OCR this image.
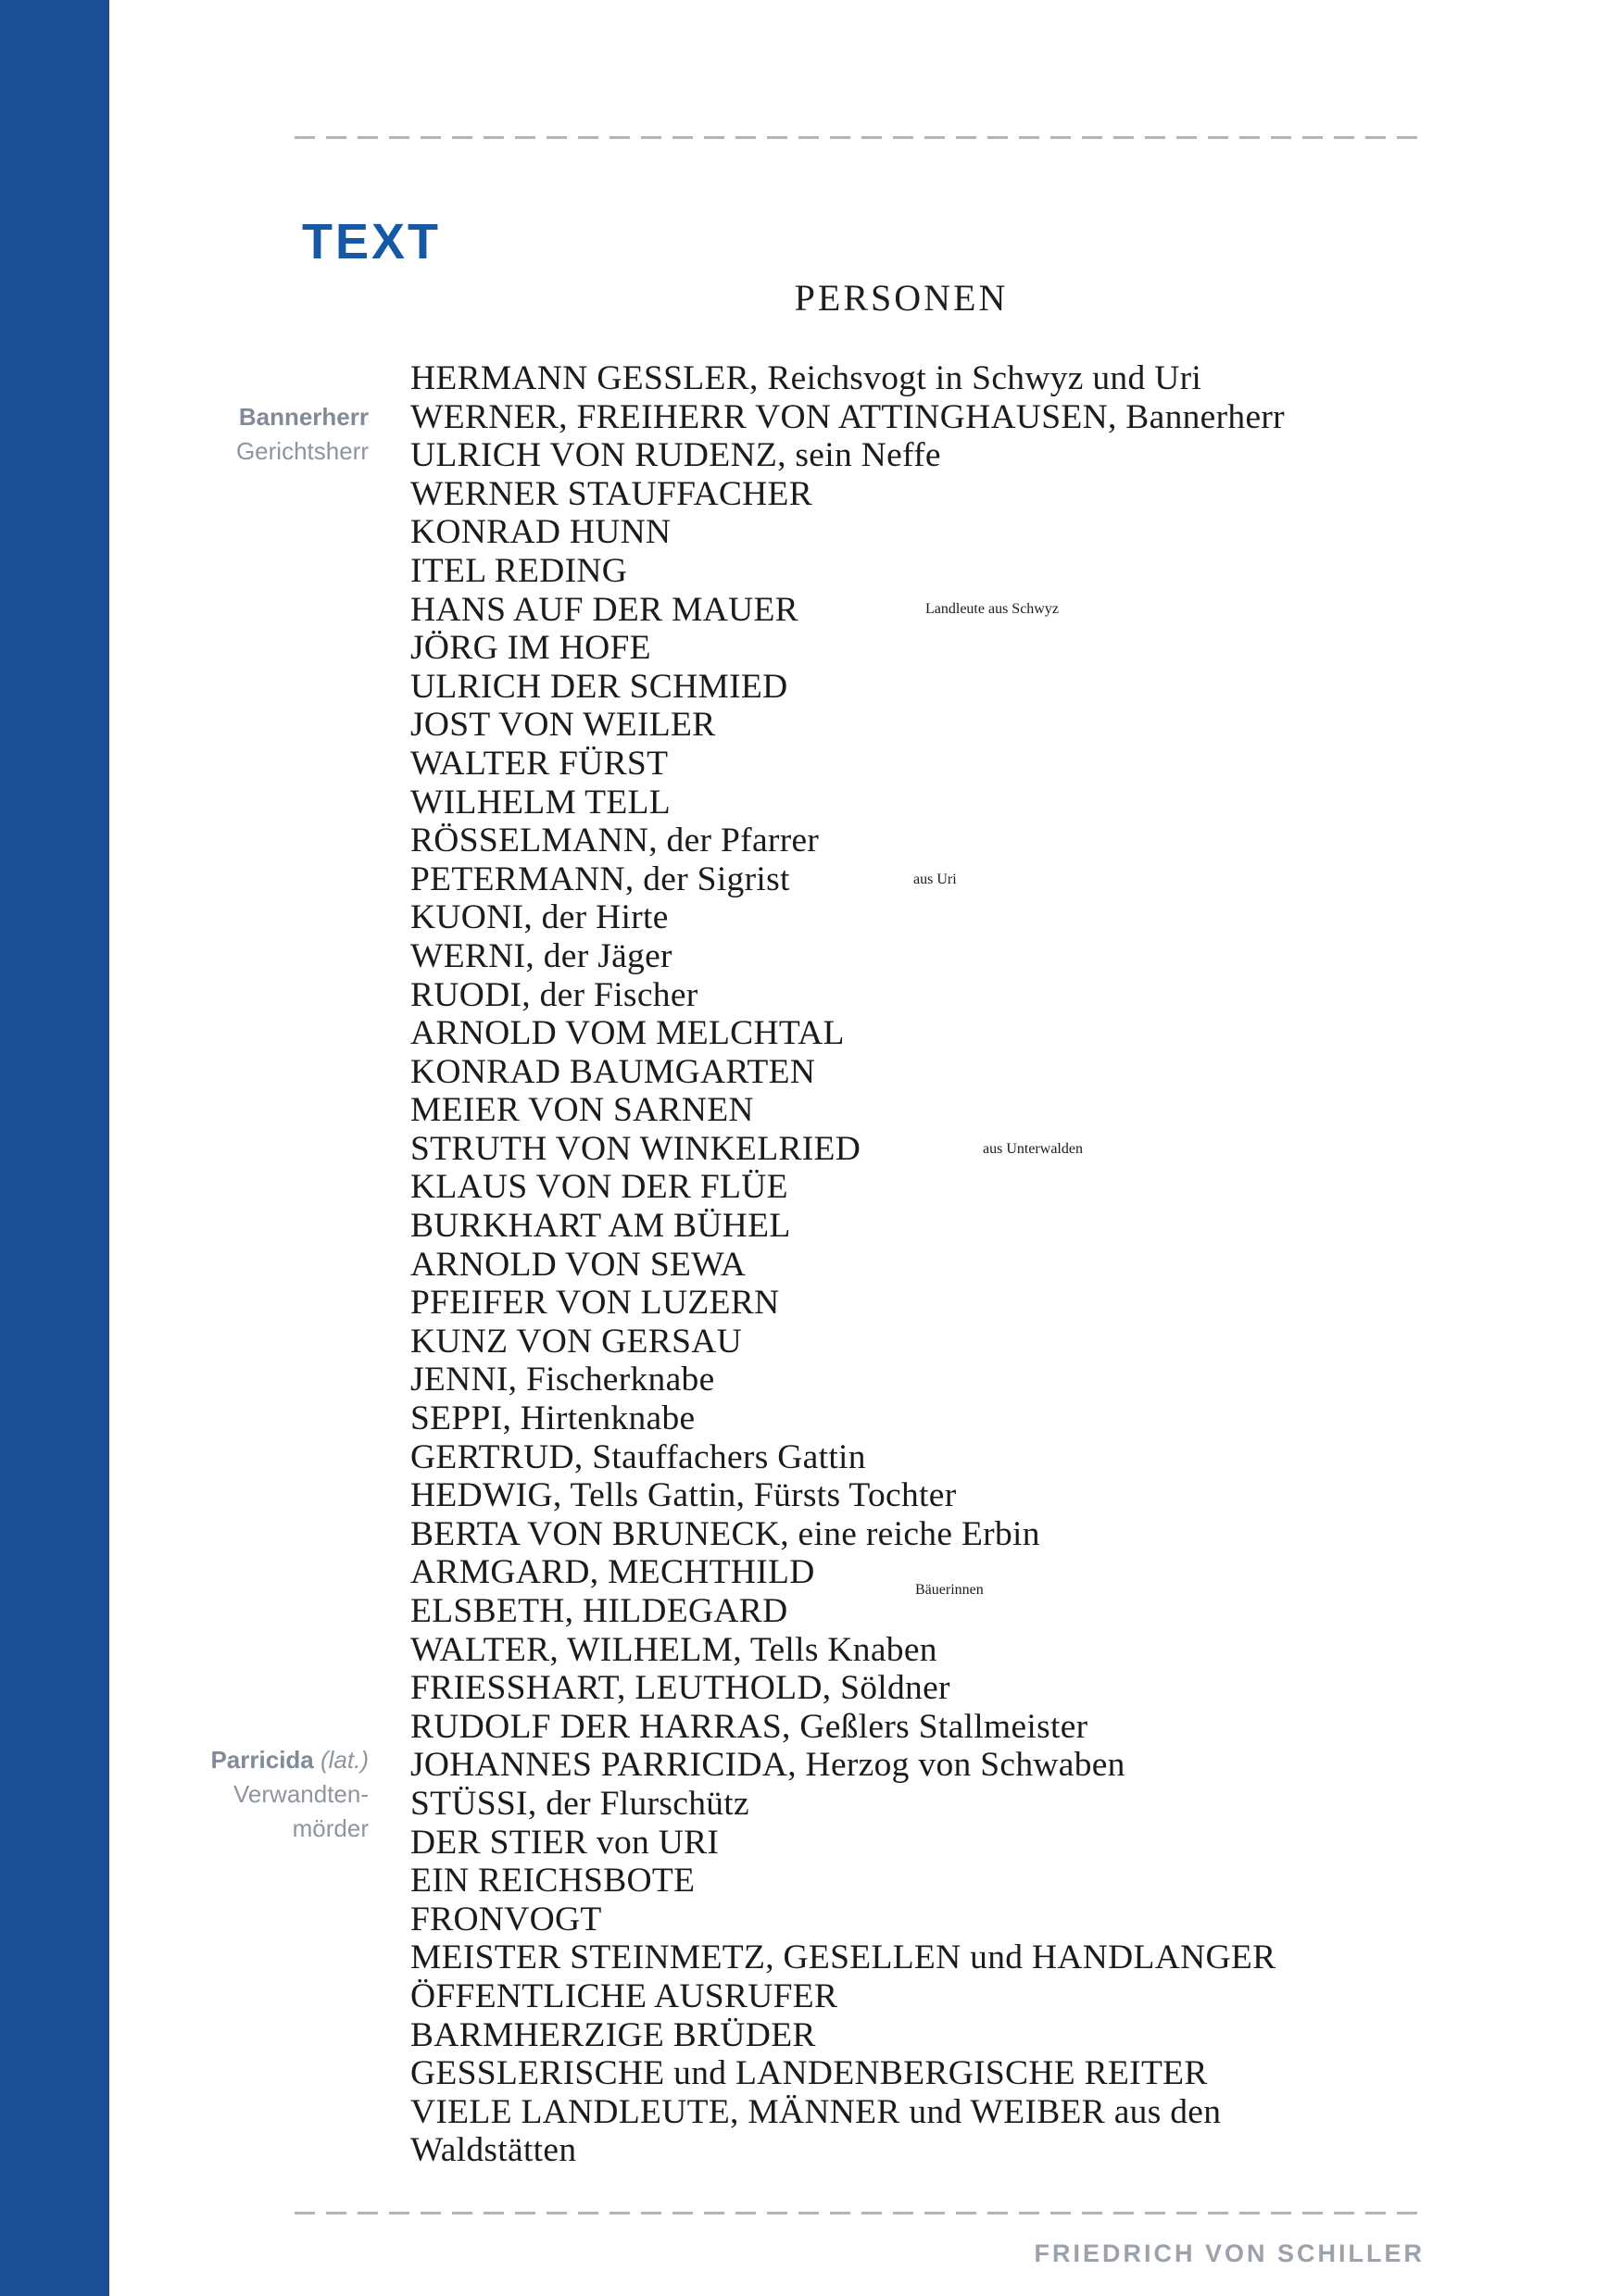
TEXT
PERSONEN
HERMANN GESSLER, Reichsvogt in Schwyz und Uri
WERNER, FREIHERR VON ATTINGHAUSEN, Bannerherr
ULRICH VON RUDENZ, sein Neffe
WERNER STAUFFACHER
KONRAD HUNN
ITEL REDING
HANS AUF DER MAUER
JÖRG IM HOFE
ULRICH DER SCHMIED
JOST VON WEILER
WALTER FÜRST
WILHELM TELL
RÖSSELMANN, der Pfarrer
PETERMANN, der Sigrist
KUONI, der Hirte
WERNI, der Jäger
RUODI, der Fischer
ARNOLD VOM MELCHTAL
KONRAD BAUMGARTEN
MEIER VON SARNEN
STRUTH VON WINKELRIED
KLAUS VON DER FLÜE
BURKHART AM BÜHEL
ARNOLD VON SEWA
PFEIFER VON LUZERN
KUNZ VON GERSAU
JENNI, Fischerknabe
SEPPI, Hirtenknabe
GERTRUD, Stauffachers Gattin
HEDWIG, Tells Gattin, Fürsts Tochter
BERTA VON BRUNECK, eine reiche Erbin
ARMGARD, MECHTHILD
ELSBETH, HILDEGARD
WALTER, WILHELM, Tells Knaben
FRIESSHART, LEUTHOLD, Söldner
RUDOLF DER HARRAS, Geßlers Stallmeister
JOHANNES PARRICIDA, Herzog von Schwaben
STÜSSI, der Flurschütz
DER STIER von URI
EIN REICHSBOTE
FRONVOGT
MEISTER STEINMETZ, GESELLEN und HANDLANGER
ÖFFENTLICHE AUSRUFER
BARMHERZIGE BRÜDER
GESSLERISCHE und LANDENBERGISCHE REITER
VIELE LANDLEUTE, MÄNNER und WEIBER aus den
Waldstätten
Landleute aus Schwyz
aus Uri
aus Unterwalden
Bäuerinnen
Bannerherr
Gerichtsherr
Parricida (lat.)
Verwandten-
mörder
FRIEDRICH VON SCHILLER
